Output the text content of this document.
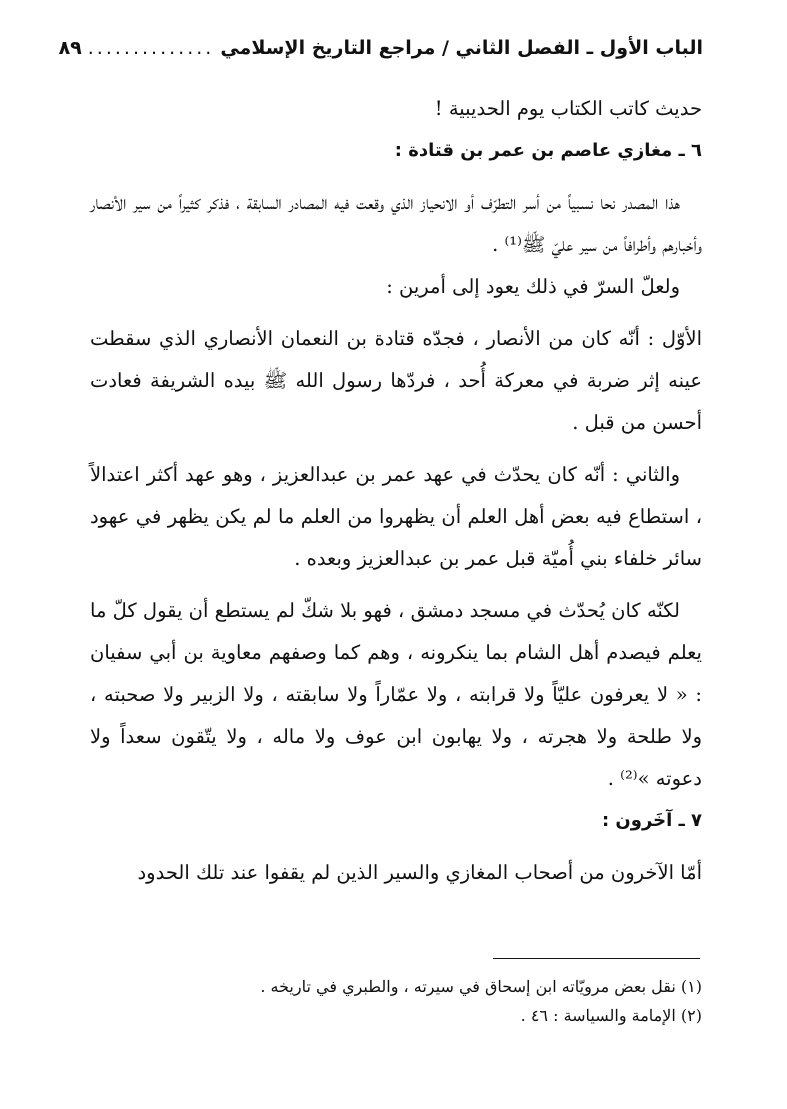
الباب الأول ـ الفصل الثاني / مراجع التاريخ الإسلامي
..............
٨٩

حديث كاتب الكتاب يوم الحديبية !

٦ ـ مغازي عاصم بن عمر بن قتادة :

هذا المصدر نحا نسبياً من أسر التطرّف أو الانحياز الذي وقعت فيه المصادر السابقة ، فذكر كثيراً من سير الأنصار وأخبارهم وأطرافاً من سير عليّ ﷺ⁽¹⁾ .

ولعلّ السرّ في ذلك يعود إلى أمرين :

الأوّل : أنّه كان من الأنصار ، فجدّه قتادة بن النعمان الأنصاري الذي سقطت عينه إثر ضربة في معركة أُحد ، فردّها رسول الله ﷺ بيده الشريفة فعادت أحسن من قبل .

والثاني : أنّه كان يحدّث في عهد عمر بن عبدالعزيز ، وهو عهد أكثر اعتدالاً ، استطاع فيه بعض أهل العلم أن يظهروا من العلم ما لم يكن يظهر في عهود سائر خلفاء بني أُميّة قبل عمر بن عبدالعزيز وبعده .

لكنّه كان يُحدّث في مسجد دمشق ، فهو بلا شكّ لم يستطع أن يقول كلّ ما يعلم فيصدم أهل الشام بما ينكرونه ، وهم كما وصفهم معاوية بن أبي سفيان : « لا يعرفون عليّاً ولا قرابته ، ولا عمّاراً ولا سابقته ، ولا الزبير ولا صحبته ، ولا طلحة ولا هجرته ، ولا يهابون ابن عوف ولا ماله ، ولا يتّقون سعداً ولا دعوته »⁽²⁾ .

٧ ـ آخَرون :

أمّا الآخرون من أصحاب المغازي والسير الذين لم يقفوا عند تلك الحدود

(١) نقل بعض مرويّاته ابن إسحاق في سيرته ، والطبري في تاريخه .

(٢) الإمامة والسياسة : ٤٦ .
